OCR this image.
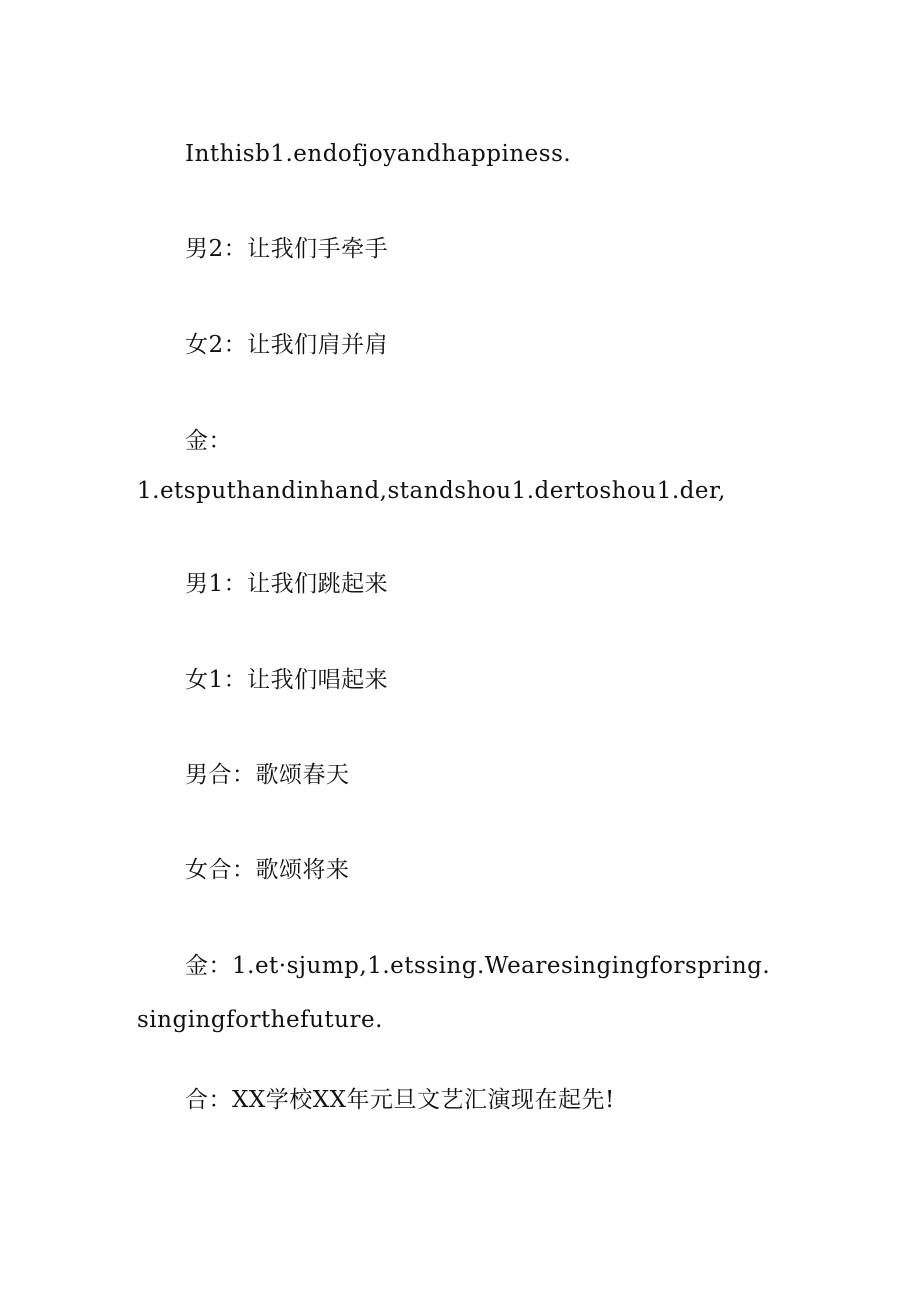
Inthisb1.endofjoyandhappiness.

男2：让我们手牵手

女2：让我们肩并肩

金：

1.etsputhandinhand,standshou1.dertoshou1.der,

男1：让我们跳起来

女1：让我们唱起来

男合：歌颂春天

女合：歌颂将来

金：1.et·sjump,1.etssing.Wearesingingforspring.

singingforthefuture.

合：XX学校XX年元旦文艺汇演现在起先!
